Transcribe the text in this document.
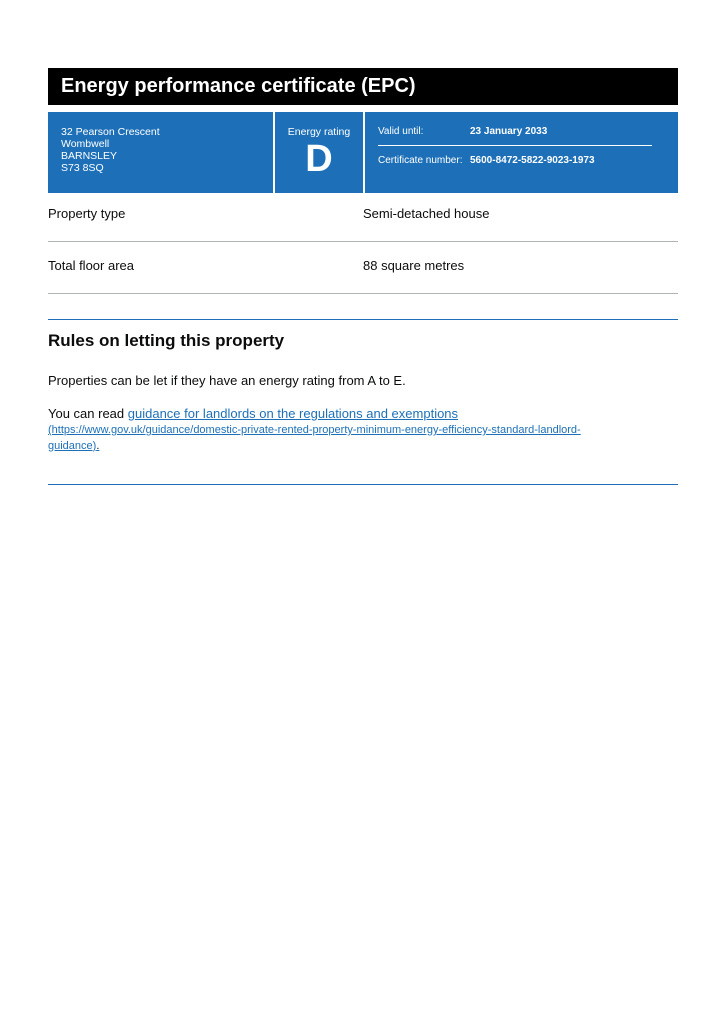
Energy performance certificate (EPC)
32 Pearson Crescent
Wombwell
BARNSLEY
S73 8SQ
Energy rating
D
Valid until:	23 January 2033
Certificate number: 5600-8472-5822-9023-1973
Property type	Semi-detached house
Total floor area	88 square metres
Rules on letting this property

Properties can be let if they have an energy rating from A to E.

You can read guidance for landlords on the regulations and exemptions

(https://www.gov.uk/guidance/domestic-private-rented-property-minimum-energy-efficiency-standard-landlord-
guidance).
